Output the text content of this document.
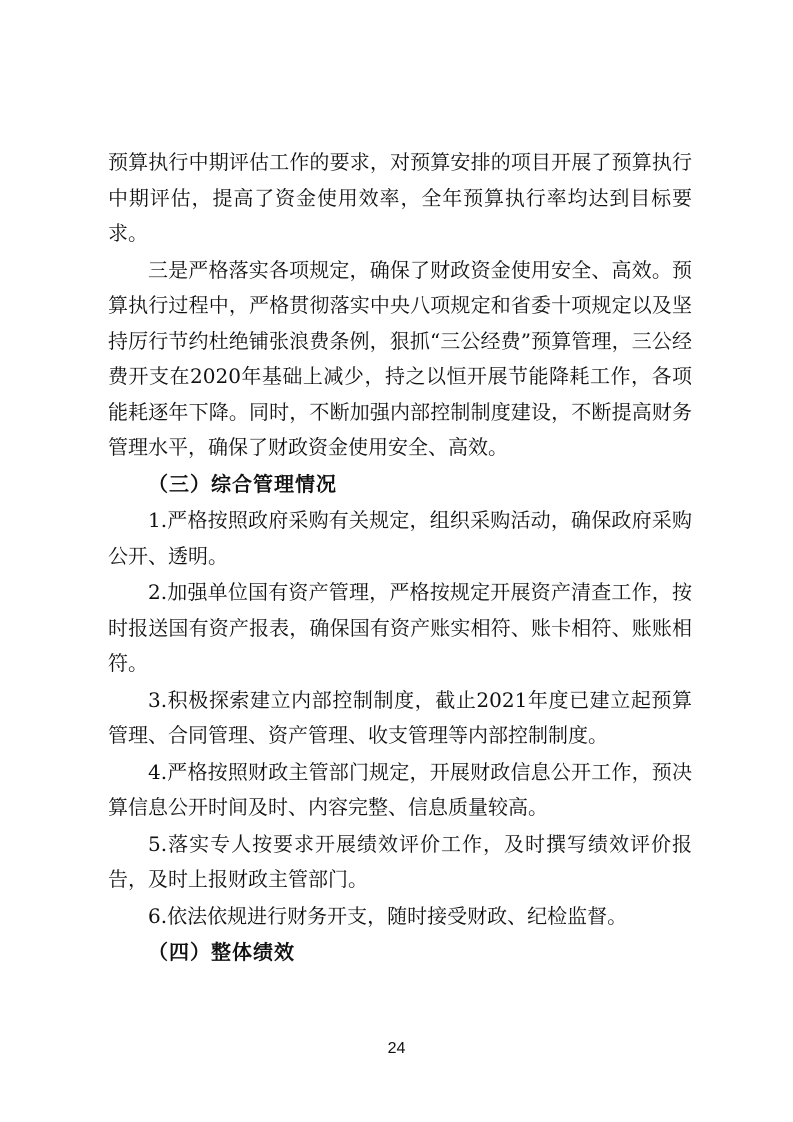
预算执行中期评估工作的要求，对预算安排的项目开展了预算执行中期评估，提高了资金使用效率，全年预算执行率均达到目标要求。

三是严格落实各项规定，确保了财政资金使用安全、高效。预算执行过程中，严格贯彻落实中央八项规定和省委十项规定以及坚持厉行节约杜绝铺张浪费条例，狠抓“三公经费”预算管理，三公经费开支在2020年基础上减少，持之以恒开展节能降耗工作，各项能耗逐年下降。同时，不断加强内部控制制度建设，不断提高财务管理水平，确保了财政资金使用安全、高效。

（三）综合管理情况

1.严格按照政府采购有关规定，组织采购活动，确保政府采购公开、透明。

2.加强单位国有资产管理，严格按规定开展资产清查工作，按时报送国有资产报表，确保国有资产账实相符、账卡相符、账账相符。

3.积极探索建立内部控制制度，截止2021年度已建立起预算管理、合同管理、资产管理、收支管理等内部控制制度。

4.严格按照财政主管部门规定，开展财政信息公开工作，预决算信息公开时间及时、内容完整、信息质量较高。

5.落实专人按要求开展绩效评价工作，及时撰写绩效评价报告，及时上报财政主管部门。

6.依法依规进行财务开支，随时接受财政、纪检监督。

（四）整体绩效

24
